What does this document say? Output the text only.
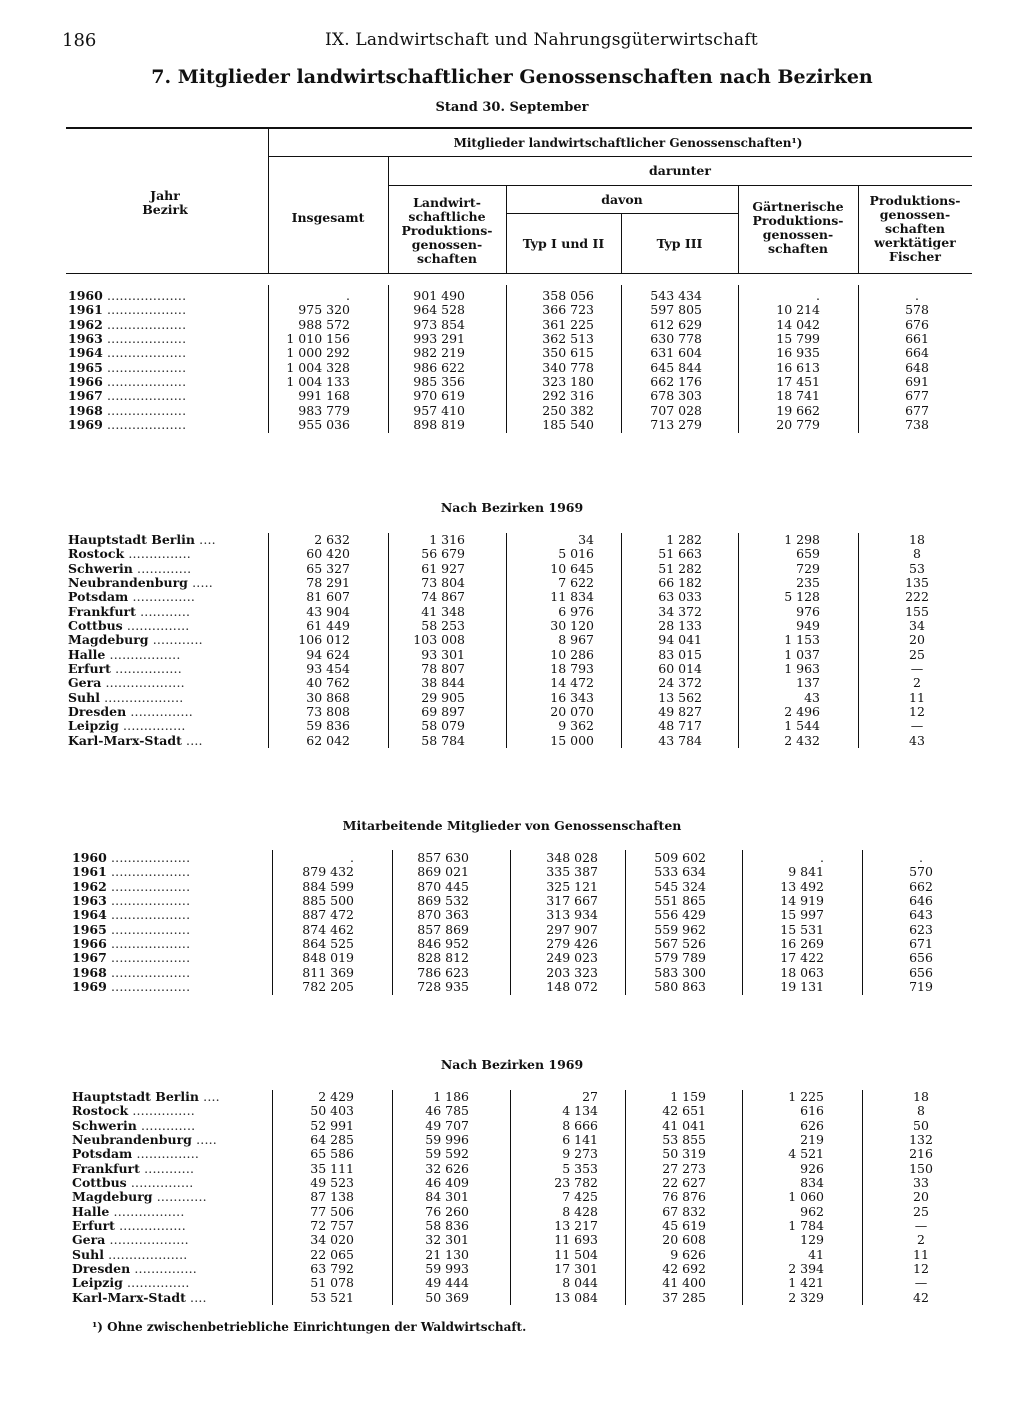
186	IX. Landwirtschaft und Nahrungsgüterwirtschaft
7. Mitglieder landwirtschaftlicher Genossenschaften nach Bezirken
Stand 30. September
Jahr
Bezirk
Mitglieder landwirtschaftlicher Genossenschaften¹)
Insgesamt
darunter
Landwirt-
schaftliche
Produktions-
genossen-
schaften
davon
Typ I und II	Typ III
Gärtnerische
Produktions-
genossen-
schaften
Produktions-
genossen-
schaften
werktätiger
Fischer
1960 ...................	.	901 490	358 056	543 434	.	.
1961 ...................	975 320	964 528	366 723	597 805	10 214	578
1962 ...................	988 572	973 854	361 225	612 629	14 042	676
1963 ...................	1 010 156	993 291	362 513	630 778	15 799	661
1964 ...................	1 000 292	982 219	350 615	631 604	16 935	664
1965 ...................	1 004 328	986 622	340 778	645 844	16 613	648
1966 ...................	1 004 133	985 356	323 180	662 176	17 451	691
1967 ...................	991 168	970 619	292 316	678 303	18 741	677
1968 ...................	983 779	957 410	250 382	707 028	19 662	677
1969 ...................	955 036	898 819	185 540	713 279	20 779	738
Nach Bezirken 1969
Hauptstadt Berlin ....	2 632	1 316	34	1 282	1 298	18
Rostock ...............	60 420	56 679	5 016	51 663	659	8
Schwerin .............	65 327	61 927	10 645	51 282	729	53
Neubrandenburg .....	78 291	73 804	7 622	66 182	235	135
Potsdam ...............	81 607	74 867	11 834	63 033	5 128	222
Frankfurt ............	43 904	41 348	6 976	34 372	976	155
Cottbus ...............	61 449	58 253	30 120	28 133	949	34
Magdeburg ............	106 012	103 008	8 967	94 041	1 153	20
Halle .................	94 624	93 301	10 286	83 015	1 037	25
Erfurt ................	93 454	78 807	18 793	60 014	1 963	—
Gera ...................	40 762	38 844	14 472	24 372	137	2
Suhl ...................	30 868	29 905	16 343	13 562	43	11
Dresden ...............	73 808	69 897	20 070	49 827	2 496	12
Leipzig ...............	59 836	58 079	9 362	48 717	1 544	—
Karl-Marx-Stadt ....	62 042	58 784	15 000	43 784	2 432	43
Mitarbeitende Mitglieder von Genossenschaften
1960 ...................	.	857 630	348 028	509 602	.	.
1961 ...................	879 432	869 021	335 387	533 634	9 841	570
1962 ...................	884 599	870 445	325 121	545 324	13 492	662
1963 ...................	885 500	869 532	317 667	551 865	14 919	646
1964 ...................	887 472	870 363	313 934	556 429	15 997	643
1965 ...................	874 462	857 869	297 907	559 962	15 531	623
1966 ...................	864 525	846 952	279 426	567 526	16 269	671
1967 ...................	848 019	828 812	249 023	579 789	17 422	656
1968 ...................	811 369	786 623	203 323	583 300	18 063	656
1969 ...................	782 205	728 935	148 072	580 863	19 131	719
Nach Bezirken 1969
Hauptstadt Berlin ....	2 429	1 186	27	1 159	1 225	18
Rostock ...............	50 403	46 785	4 134	42 651	616	8
Schwerin .............	52 991	49 707	8 666	41 041	626	50
Neubrandenburg .....	64 285	59 996	6 141	53 855	219	132
Potsdam ...............	65 586	59 592	9 273	50 319	4 521	216
Frankfurt ............	35 111	32 626	5 353	27 273	926	150
Cottbus ...............	49 523	46 409	23 782	22 627	834	33
Magdeburg ............	87 138	84 301	7 425	76 876	1 060	20
Halle .................	77 506	76 260	8 428	67 832	962	25
Erfurt ................	72 757	58 836	13 217	45 619	1 784	—
Gera ...................	34 020	32 301	11 693	20 608	129	2
Suhl ...................	22 065	21 130	11 504	9 626	41	11
Dresden ...............	63 792	59 993	17 301	42 692	2 394	12
Leipzig ...............	51 078	49 444	8 044	41 400	1 421	—
Karl-Marx-Stadt ....	53 521	50 369	13 084	37 285	2 329	42
¹) Ohne zwischenbetriebliche Einrichtungen der Waldwirtschaft.
